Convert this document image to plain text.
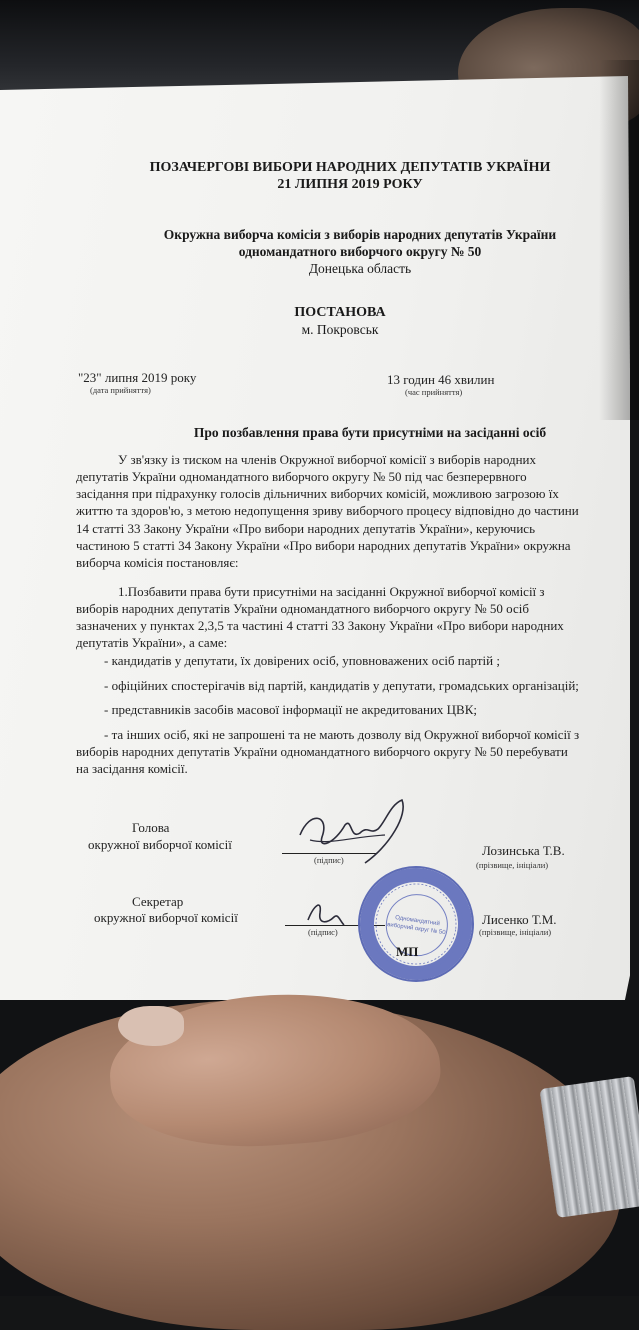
ПОЗАЧЕРГОВІ ВИБОРИ НАРОДНИХ ДЕПУТАТІВ УКРАЇНИ
21 ЛИПНЯ 2019 РОКУ
Окружна виборча комісія з виборів народних депутатів України
одномандатного виборчого округу № 50
Донецька область
ПОСТАНОВА
м. Покровськ
"23" липня 2019 року
(дата прийняття)
13 годин 46 хвилин
(час прийняття)
Про позбавлення права бути присутніми на засіданні осіб
У зв'язку із тиском на членів Окружної виборчої комісії з виборів народних
депутатів України одномандатного виборчого округу № 50 під час безперервного
засідання при підрахунку голосів дільничних виборчих комісій, можливою загрозою їх
життю та здоров'ю, з метою недопущення зриву виборчого процесу відповідно до частини
14 статті 33 Закону України «Про вибори народних депутатів України», керуючись
частиною 5 статті 34 Закону України «Про вибори народних депутатів України» окружна
виборча комісія постановляє:
1.Позбавити права бути присутніми на засіданні Окружної виборчої комісії з
виборів народних депутатів України одномандатного виборчого округу № 50 осіб
зазначених у пунктах 2,3,5 та частині 4 статті 33 Закону України «Про вибори народних
депутатів України», а саме:
- кандидатів у депутати, їх довірених осіб, уповноважених осіб партій ;
- офіційних спостерігачів від партій, кандидатів у депутати, громадських організацій;
- представників засобів масової інформації не акредитованих ЦВК;
- та інших осіб, які не запрошені та не мають дозволу від Окружної виборчої комісії з
виборів народних депутатів України одномандатного виборчого округу № 50 перебувати
на засідання комісії.
Голова
окружної виборчої комісії
(підпис)
Лозинська Т.В.
(прізвище, ініціали)
Секретар
окружної виборчої комісії
(підпис)
Лисенко Т.М.
(прізвище, ініціали)
Одномандатний виборчий округ № 50
МП
